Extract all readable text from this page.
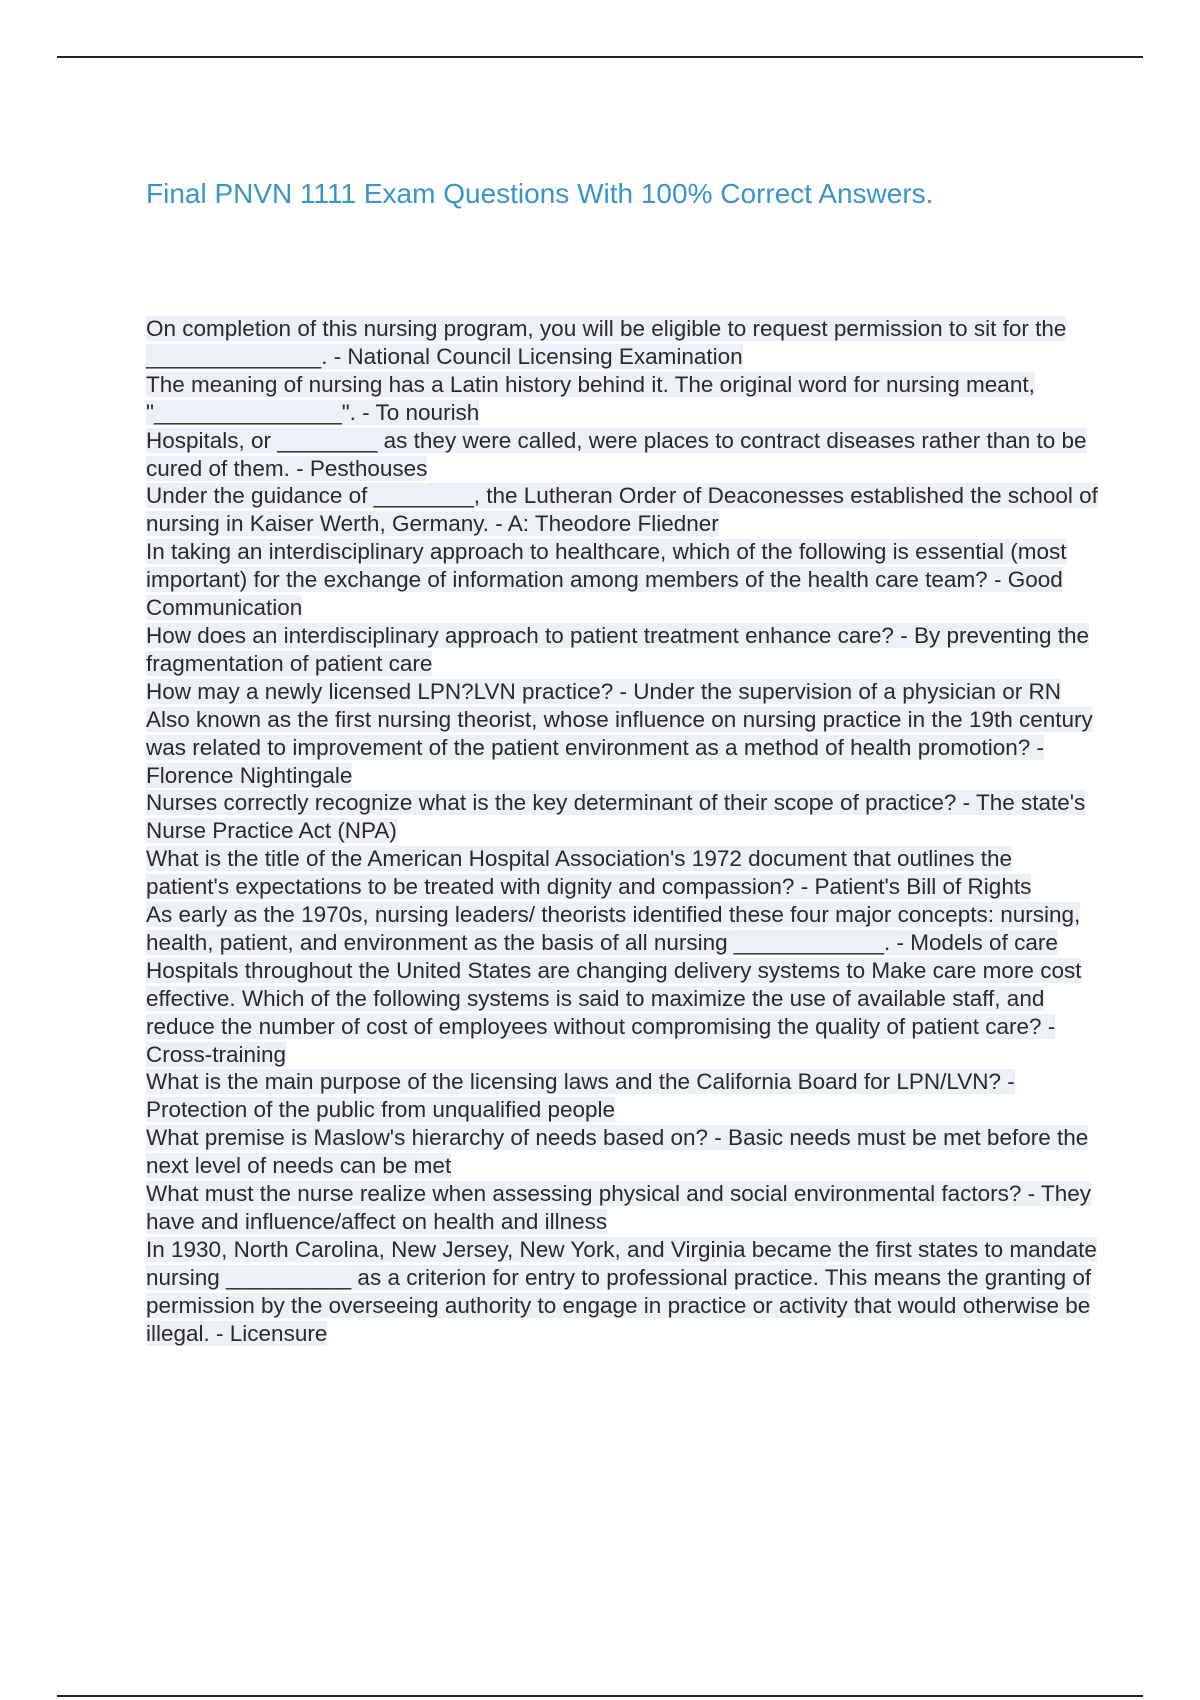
Final PNVN 1111 Exam Questions With 100% Correct Answers.
On completion of this nursing program, you will be eligible to request permission to sit for the ______________. - National Council Licensing Examination
The meaning of nursing has a Latin history behind it. The original word for nursing meant, "_______________". - To nourish
Hospitals, or ________ as they were called, were places to contract diseases rather than to be cured of them. - Pesthouses
Under the guidance of ________, the Lutheran Order of Deaconesses established the school of nursing in Kaiser Werth, Germany. - A: Theodore Fliedner
In taking an interdisciplinary approach to healthcare, which of the following is essential (most important) for the exchange of information among members of the health care team? - Good Communication
How does an interdisciplinary approach to patient treatment enhance care? - By preventing the fragmentation of patient care
How may a newly licensed LPN?LVN practice? - Under the supervision of a physician or RN
Also known as the first nursing theorist, whose influence on nursing practice in the 19th century was related to improvement of the patient environment as a method of health promotion? - Florence Nightingale
Nurses correctly recognize what is the key determinant of their scope of practice? - The state's Nurse Practice Act (NPA)
What is the title of the American Hospital Association's 1972 document that outlines the patient's expectations to be treated with dignity and compassion? - Patient's Bill of Rights
As early as the 1970s, nursing leaders/ theorists identified these four major concepts: nursing, health, patient, and environment as the basis of all nursing ____________. - Models of care
Hospitals throughout the United States are changing delivery systems to Make care more cost effective. Which of the following systems is said to maximize the use of available staff, and reduce the number of cost of employees without compromising the quality of patient care? - Cross-training
What is the main purpose of the licensing laws and the California Board for LPN/LVN? - Protection of the public from unqualified people
What premise is Maslow's hierarchy of needs based on? - Basic needs must be met before the next level of needs can be met
What must the nurse realize when assessing physical and social environmental factors? - They have and influence/affect on health and illness
In 1930, North Carolina, New Jersey, New York, and Virginia became the first states to mandate nursing __________ as a criterion for entry to professional practice. This means the granting of permission by the overseeing authority to engage in practice or activity that would otherwise be illegal. - Licensure
